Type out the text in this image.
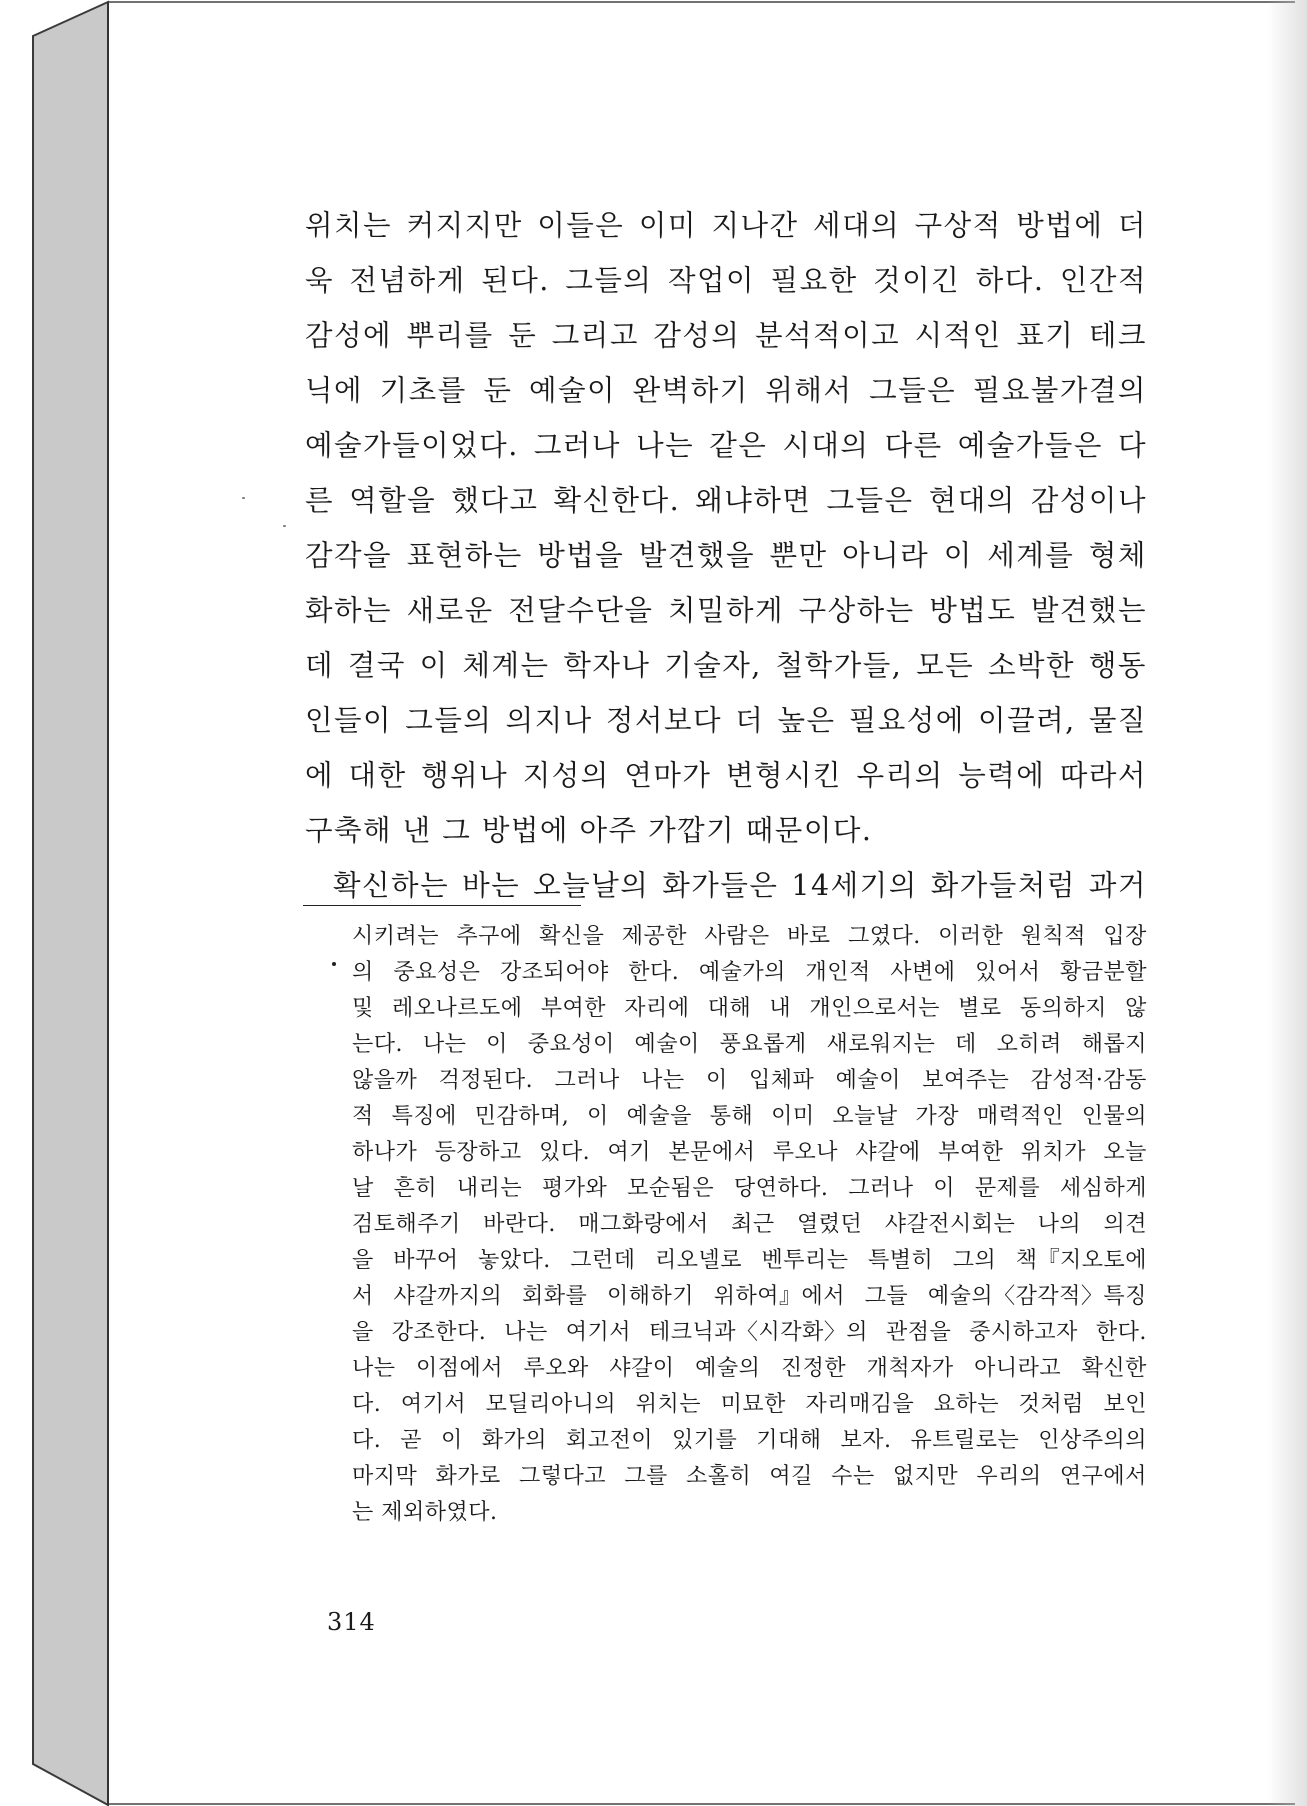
위치는 커지지만 이들은 이미 지나간 세대의 구상적 방법에 더
욱 전념하게 된다. 그들의 작업이 필요한 것이긴 하다. 인간적
감성에 뿌리를 둔 그리고 감성의 분석적이고 시적인 표기 테크
닉에 기초를 둔 예술이 완벽하기 위해서 그들은 필요불가결의
예술가들이었다. 그러나 나는 같은 시대의 다른 예술가들은 다
른 역할을 했다고 확신한다. 왜냐하면 그들은 현대의 감성이나
감각을 표현하는 방법을 발견했을 뿐만 아니라 이 세계를 형체
화하는 새로운 전달수단을 치밀하게 구상하는 방법도 발견했는
데 결국 이 체계는 학자나 기술자, 철학가들, 모든 소박한 행동
인들이 그들의 의지나 정서보다 더 높은 필요성에 이끌려, 물질
에 대한 행위나 지성의 연마가 변형시킨 우리의 능력에 따라서
구축해 낸 그 방법에 아주 가깝기 때문이다.
확신하는 바는 오늘날의 화가들은 14세기의 화가들처럼 과거
시키려는 추구에 확신을 제공한 사람은 바로 그였다. 이러한 원칙적 입장
의 중요성은 강조되어야 한다. 예술가의 개인적 사변에 있어서 황금분할
및 레오나르도에 부여한 자리에 대해 내 개인으로서는 별로 동의하지 않
는다. 나는 이 중요성이 예술이 풍요롭게 새로워지는 데 오히려 해롭지
않을까 걱정된다. 그러나 나는 이 입체파 예술이 보여주는 감성적·감동
적 특징에 민감하며, 이 예술을 통해 이미 오늘날 가장 매력적인 인물의
하나가 등장하고 있다. 여기 본문에서 루오나 샤갈에 부여한 위치가 오늘
날 흔히 내리는 평가와 모순됨은 당연하다. 그러나 이 문제를 세심하게
검토해주기 바란다. 매그화랑에서 최근 열렸던 샤갈전시회는 나의 의견
을 바꾸어 놓았다. 그런데 리오넬로 벤투리는 특별히 그의 책『지오토에
서 샤갈까지의 회화를 이해하기 위하여』에서 그들 예술의〈감각적〉특징
을 강조한다. 나는 여기서 테크닉과〈시각화〉의 관점을 중시하고자 한다.
나는 이점에서 루오와 샤갈이 예술의 진정한 개척자가 아니라고 확신한
다. 여기서 모딜리아니의 위치는 미묘한 자리매김을 요하는 것처럼 보인
다. 곧 이 화가의 회고전이 있기를 기대해 보자. 유트릴로는 인상주의의
마지막 화가로 그렇다고 그를 소홀히 여길 수는 없지만 우리의 연구에서
는 제외하였다.
314
